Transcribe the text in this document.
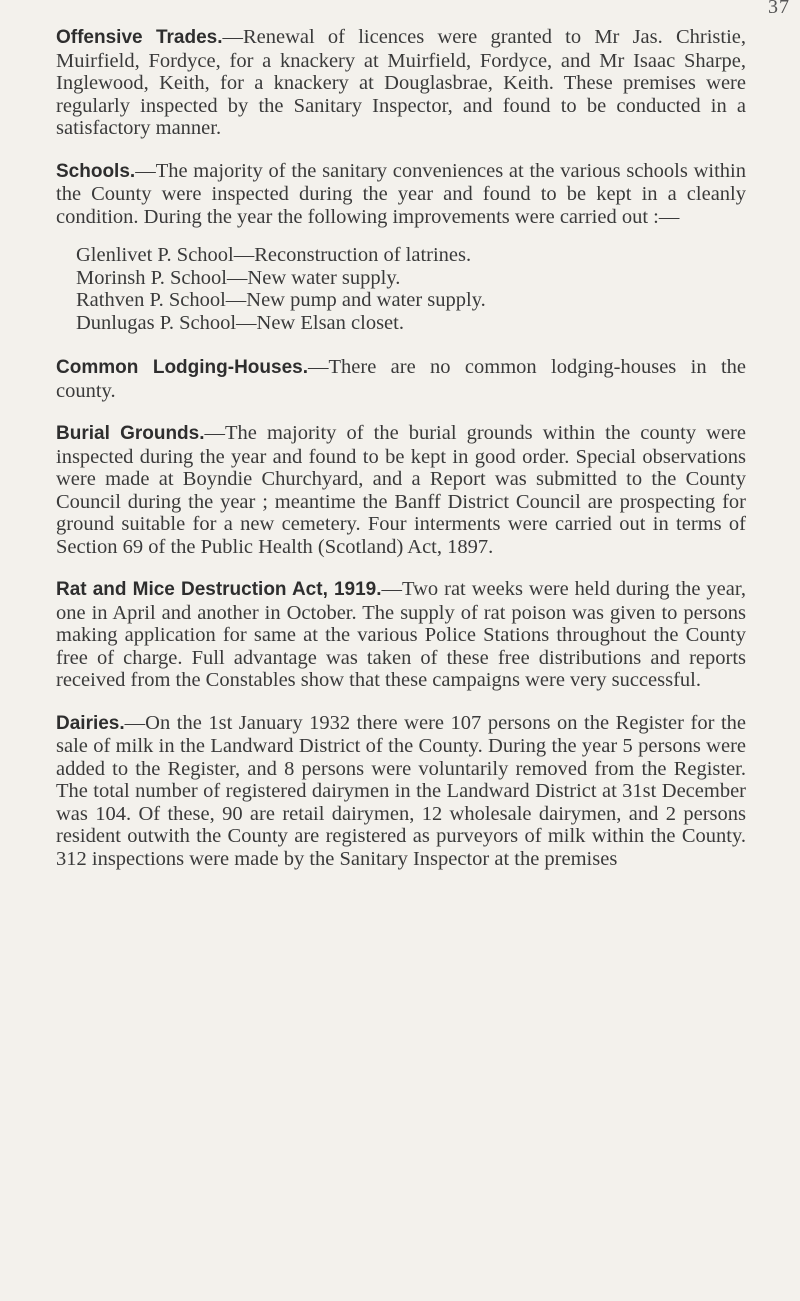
37

Offensive Trades.—Renewal of licences were granted to Mr Jas. Christie, Muirfield, Fordyce, for a knackery at Muirfield, Fordyce, and Mr Isaac Sharpe, Inglewood, Keith, for a knackery at Douglasbrae, Keith. These premises were regularly inspected by the Sanitary Inspector, and found to be conducted in a satisfactory manner.

Schools.—The majority of the sanitary conveniences at the various schools within the County were inspected during the year and found to be kept in a cleanly condition. During the year the following improvements were carried out :—

Glenlivet P. School—Reconstruction of latrines.
Morinsh P. School—New water supply.
Rathven P. School—New pump and water supply.
Dunlugas P. School—New Elsan closet.

Common Lodging-Houses.—There are no common lodging-houses in the county.

Burial Grounds.—The majority of the burial grounds within the county were inspected during the year and found to be kept in good order. Special observations were made at Boyndie Churchyard, and a Report was submitted to the County Council during the year ; meantime the Banff District Council are prospecting for ground suitable for a new cemetery. Four interments were carried out in terms of Section 69 of the Public Health (Scotland) Act, 1897.

Rat and Mice Destruction Act, 1919.—Two rat weeks were held during the year, one in April and another in October. The supply of rat poison was given to persons making application for same at the various Police Stations throughout the County free of charge. Full advantage was taken of these free distributions and reports received from the Constables show that these campaigns were very successful.

Dairies.—On the 1st January 1932 there were 107 persons on the Register for the sale of milk in the Landward District of the County. During the year 5 persons were added to the Register, and 8 persons were voluntarily removed from the Register. The total number of registered dairymen in the Landward District at 31st December was 104. Of these, 90 are retail dairymen, 12 wholesale dairymen, and 2 persons resident outwith the County are registered as purveyors of milk within the County. 312 inspections were made by the Sanitary Inspector at the premises
